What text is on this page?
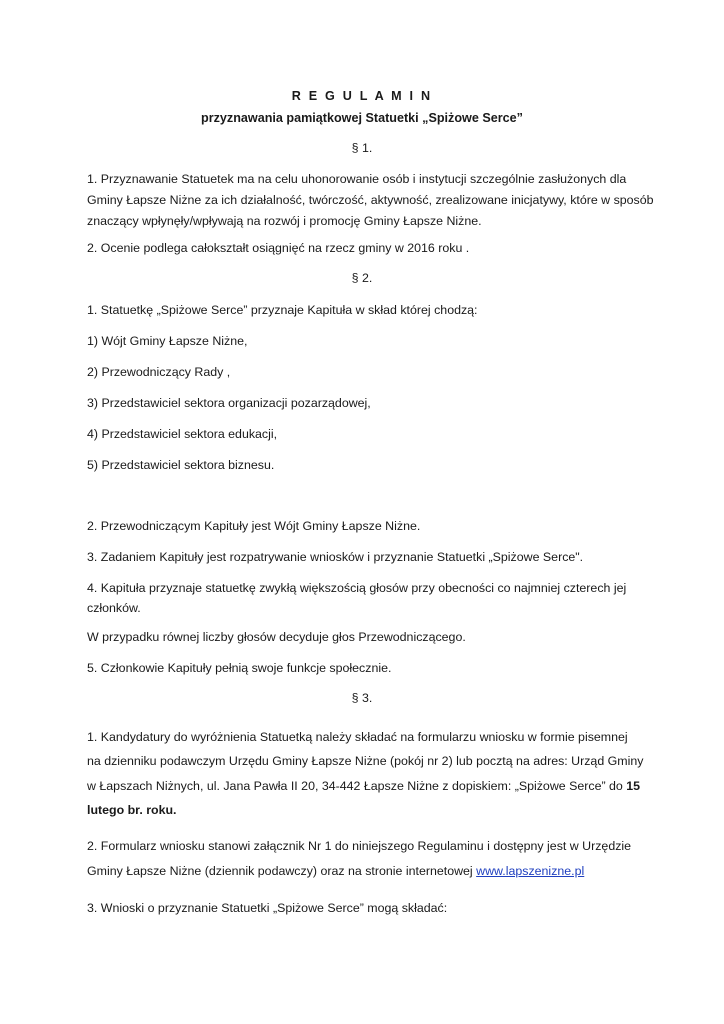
R E G U L A M I N
przyznawania pamiątkowej Statuetki „Spiżowe Serce”
§ 1.
1. Przyznawanie Statuetek ma na celu uhonorowanie osób i instytucji szczególnie zasłużonych dla
Gminy Łapsze Niżne za ich działalność, twórczość, aktywność, zrealizowane inicjatywy, które w sposób
znaczący wpłynęły/wpływają na rozwój i promocję Gminy Łapsze Niżne.
2. Ocenie podlega całokształt osiągnięć na rzecz gminy w 2016 roku .
§ 2.
1. Statuetkę „Spiżowe Serce” przyznaje Kapituła w skład której chodzą:
1) Wójt Gminy Łapsze Niżne,
2) Przewodniczący Rady ,
3) Przedstawiciel sektora organizacji pozarządowej,
4) Przedstawiciel sektora edukacji,
5) Przedstawiciel sektora biznesu.
2. Przewodniczącym Kapituły jest Wójt Gminy Łapsze Niżne.
3. Zadaniem Kapituły jest rozpatrywanie wniosków i przyznanie Statuetki „Spiżowe Serce".
4. Kapituła przyznaje statuetkę zwykłą większością głosów przy obecności co najmniej czterech jej
członków.
W przypadku równej liczby głosów decyduje głos Przewodniczącego.
5. Członkowie Kapituły pełnią swoje funkcje społecznie.
§ 3.
1. Kandydatury do wyróżnienia Statuetką należy składać na formularzu wniosku w formie pisemnej
na dzienniku podawczym Urzędu Gminy Łapsze Niżne (pokój nr 2) lub pocztą na adres: Urząd Gminy
w Łapszach Niżnych, ul. Jana Pawła II 20, 34-442 Łapsze Niżne z dopiskiem: „Spiżowe Serce” do 15
lutego br. roku.
2. Formularz wniosku stanowi załącznik Nr 1 do niniejszego Regulaminu i dostępny jest w Urzędzie
Gminy Łapsze Niżne (dziennik podawczy) oraz na stronie internetowej www.lapszenizne.pl
3. Wnioski o przyznanie Statuetki „Spiżowe Serce” mogą składać:
